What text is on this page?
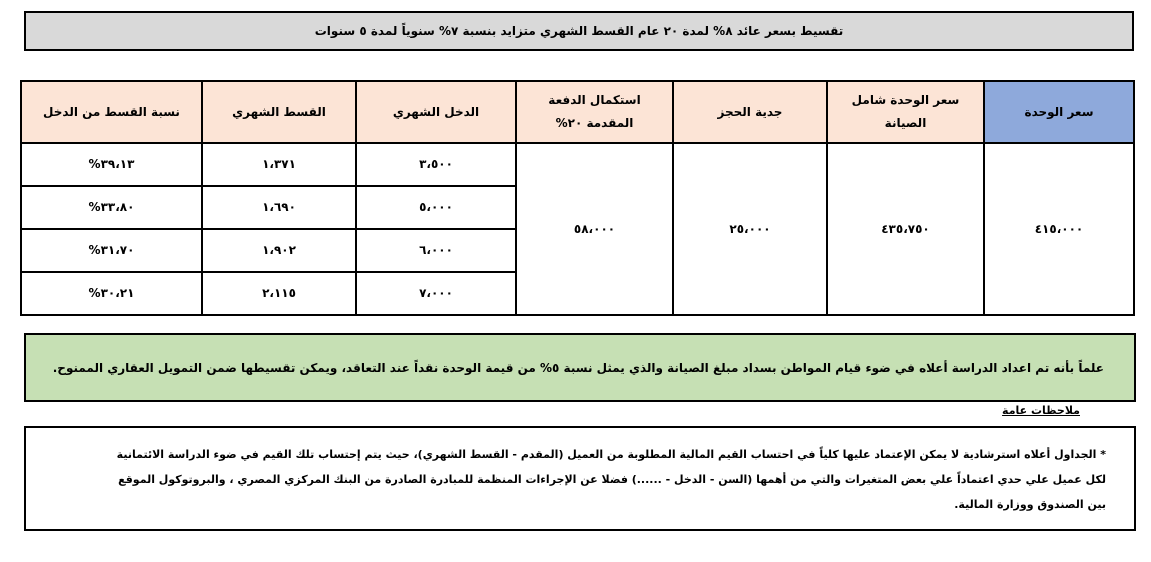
تقسيط بسعر عائد ٨% لمدة ٢٠ عام القسط الشهري متزايد بنسبة ٧% سنوياً لمدة ٥ سنوات
سعر الوحدة	سعر الوحدة شامل الصيانة	جدية الحجز	استكمال الدفعة المقدمة ٢٠%	الدخل الشهري	القسط الشهري	نسبة القسط من الدخل
٤١٥،٠٠٠	٤٣٥،٧٥٠	٢٥،٠٠٠	٥٨،٠٠٠	٣،٥٠٠	١،٣٧١	٣٩،١٣%
				٥،٠٠٠	١،٦٩٠	٣٣،٨٠%
				٦،٠٠٠	١،٩٠٢	٣١،٧٠%
				٧،٠٠٠	٢،١١٥	٣٠،٢١%
علماً بأنه تم اعداد الدراسة أعلاه في ضوء قيام المواطن بسداد مبلغ الصيانة والذي يمثل نسبة ٥% من قيمة الوحدة نقداً عند التعاقد، ويمكن تقسيطها ضمن التمويل العقاري الممنوح.
ملاحظات عامة
* الجداول أعلاه استرشادية لا يمكن الإعتماد عليها كلياً في احتساب القيم المالية المطلوبة من العميل (المقدم - القسط الشهري)، حيث يتم إحتساب تلك القيم في ضوء الدراسة الائتمانية
لكل عميل علي حدي اعتماداً علي بعض المتغيرات والتي من أهمها (السن - الدخل - ......) فضلا عن الإجراءات المنظمة للمبادرة الصادرة من البنك المركزي المصري ، والبروتوكول الموقع
بين الصندوق ووزارة المالية.
